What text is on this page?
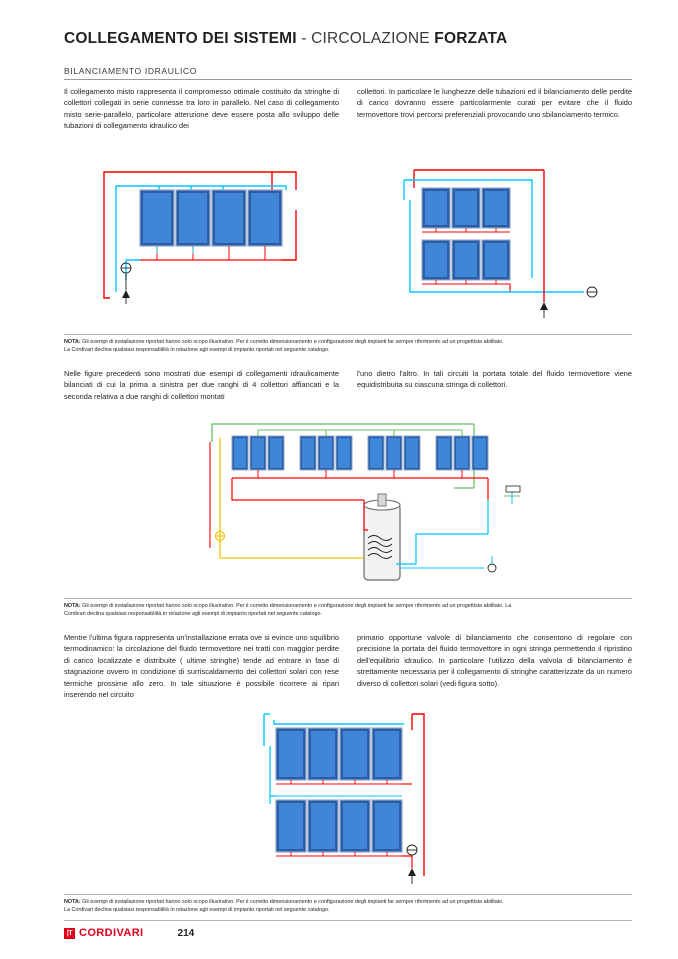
COLLEGAMENTO DEI SISTEMI - CIRCOLAZIONE FORZATA
BILANCIAMENTO IDRAULICO
Il collegamento misto rappresenta il compromesso ottimale costituito da stringhe di collettori collegati in serie connesse tra loro in parallelo. Nel caso di collegamento misto serie-parallelo, particolare attenzione deve essere posta allo sviluppo delle tubazioni di collegamento idraulico dei
collettori. In particolare le lunghezze delle tubazioni ed il bilanciamento delle perdite di carico dovranno essere particolarmente curati per evitare che il fluido termovettore trovi percorsi preferenziali provocando uno sbilanciamento termico.
NOTA: Gli esempi di installazione riportati hanno solo scopo illustrativo. Per il corretto dimensionamento e configurazione degli impianti far sempre riferimento ad un progettista abilitato.
La Cordivari declina qualsiasi responsabilità in relazione agli esempi di impianto riportati nel seguente catalogo.
Nelle figure precedenti sono mostrati due esempi di collegamenti idraulicamente bilanciati di cui la prima a sinistra per due ranghi di 4 collettori affiancati e la seconda relativa a due ranghi di collettori montati
l'uno dietro l'altro. In tali circuiti la portata totale del fluido termovettore viene equidistribuita su ciascuna stringa di collettori.
NOTA: Gli esempi di installazione riportati hanno solo scopo illustrativo. Per il corretto dimensionamento e configurazione degli impianti far sempre riferimento ad un progettista abilitato. La
Cordivari declina qualsiasi responsabilità in relazione agli esempi di impianto riportati nel seguente catalogo.
Mentre l'ultima figura rappresenta un'installazione errata ove si evince uno squilibrio termodinamico: la circolazione del fluido termovettore nei tratti con maggior perdite di carico localizzate e distribuite ( ultime stringhe) tende ad entrare in fase di stagnazione ovvero in condizione di surriscaldamento dei collettori solari con rese termiche prossime allo zero. In tale situazione è possibile ricorrere ai ripari inserendo nel circuito
primario opportune valvole di bilanciamento che consentono di regolare con precisione la portata del fluido termovettore in ogni stringa permettendo il ripristino dell'equilibrio idraulico. In particolare l'utilizzo della valvola di bilanciamento è strettamente necessaria per il collegamento di stringhe caratterizzate da un numero diverso di collettori solari (vedi figura sotto).
NOTA: Gli esempi di installazione riportati hanno solo scopo illustrativo. Per il corretto dimensionamento e configurazione degli impianti far sempre riferimento ad un progettista abilitato.
La Cordivari declina qualsiasi responsabilità in relazione agli esempi di impianto riportati nel seguente catalogo.
|T CORDIVARI	214
